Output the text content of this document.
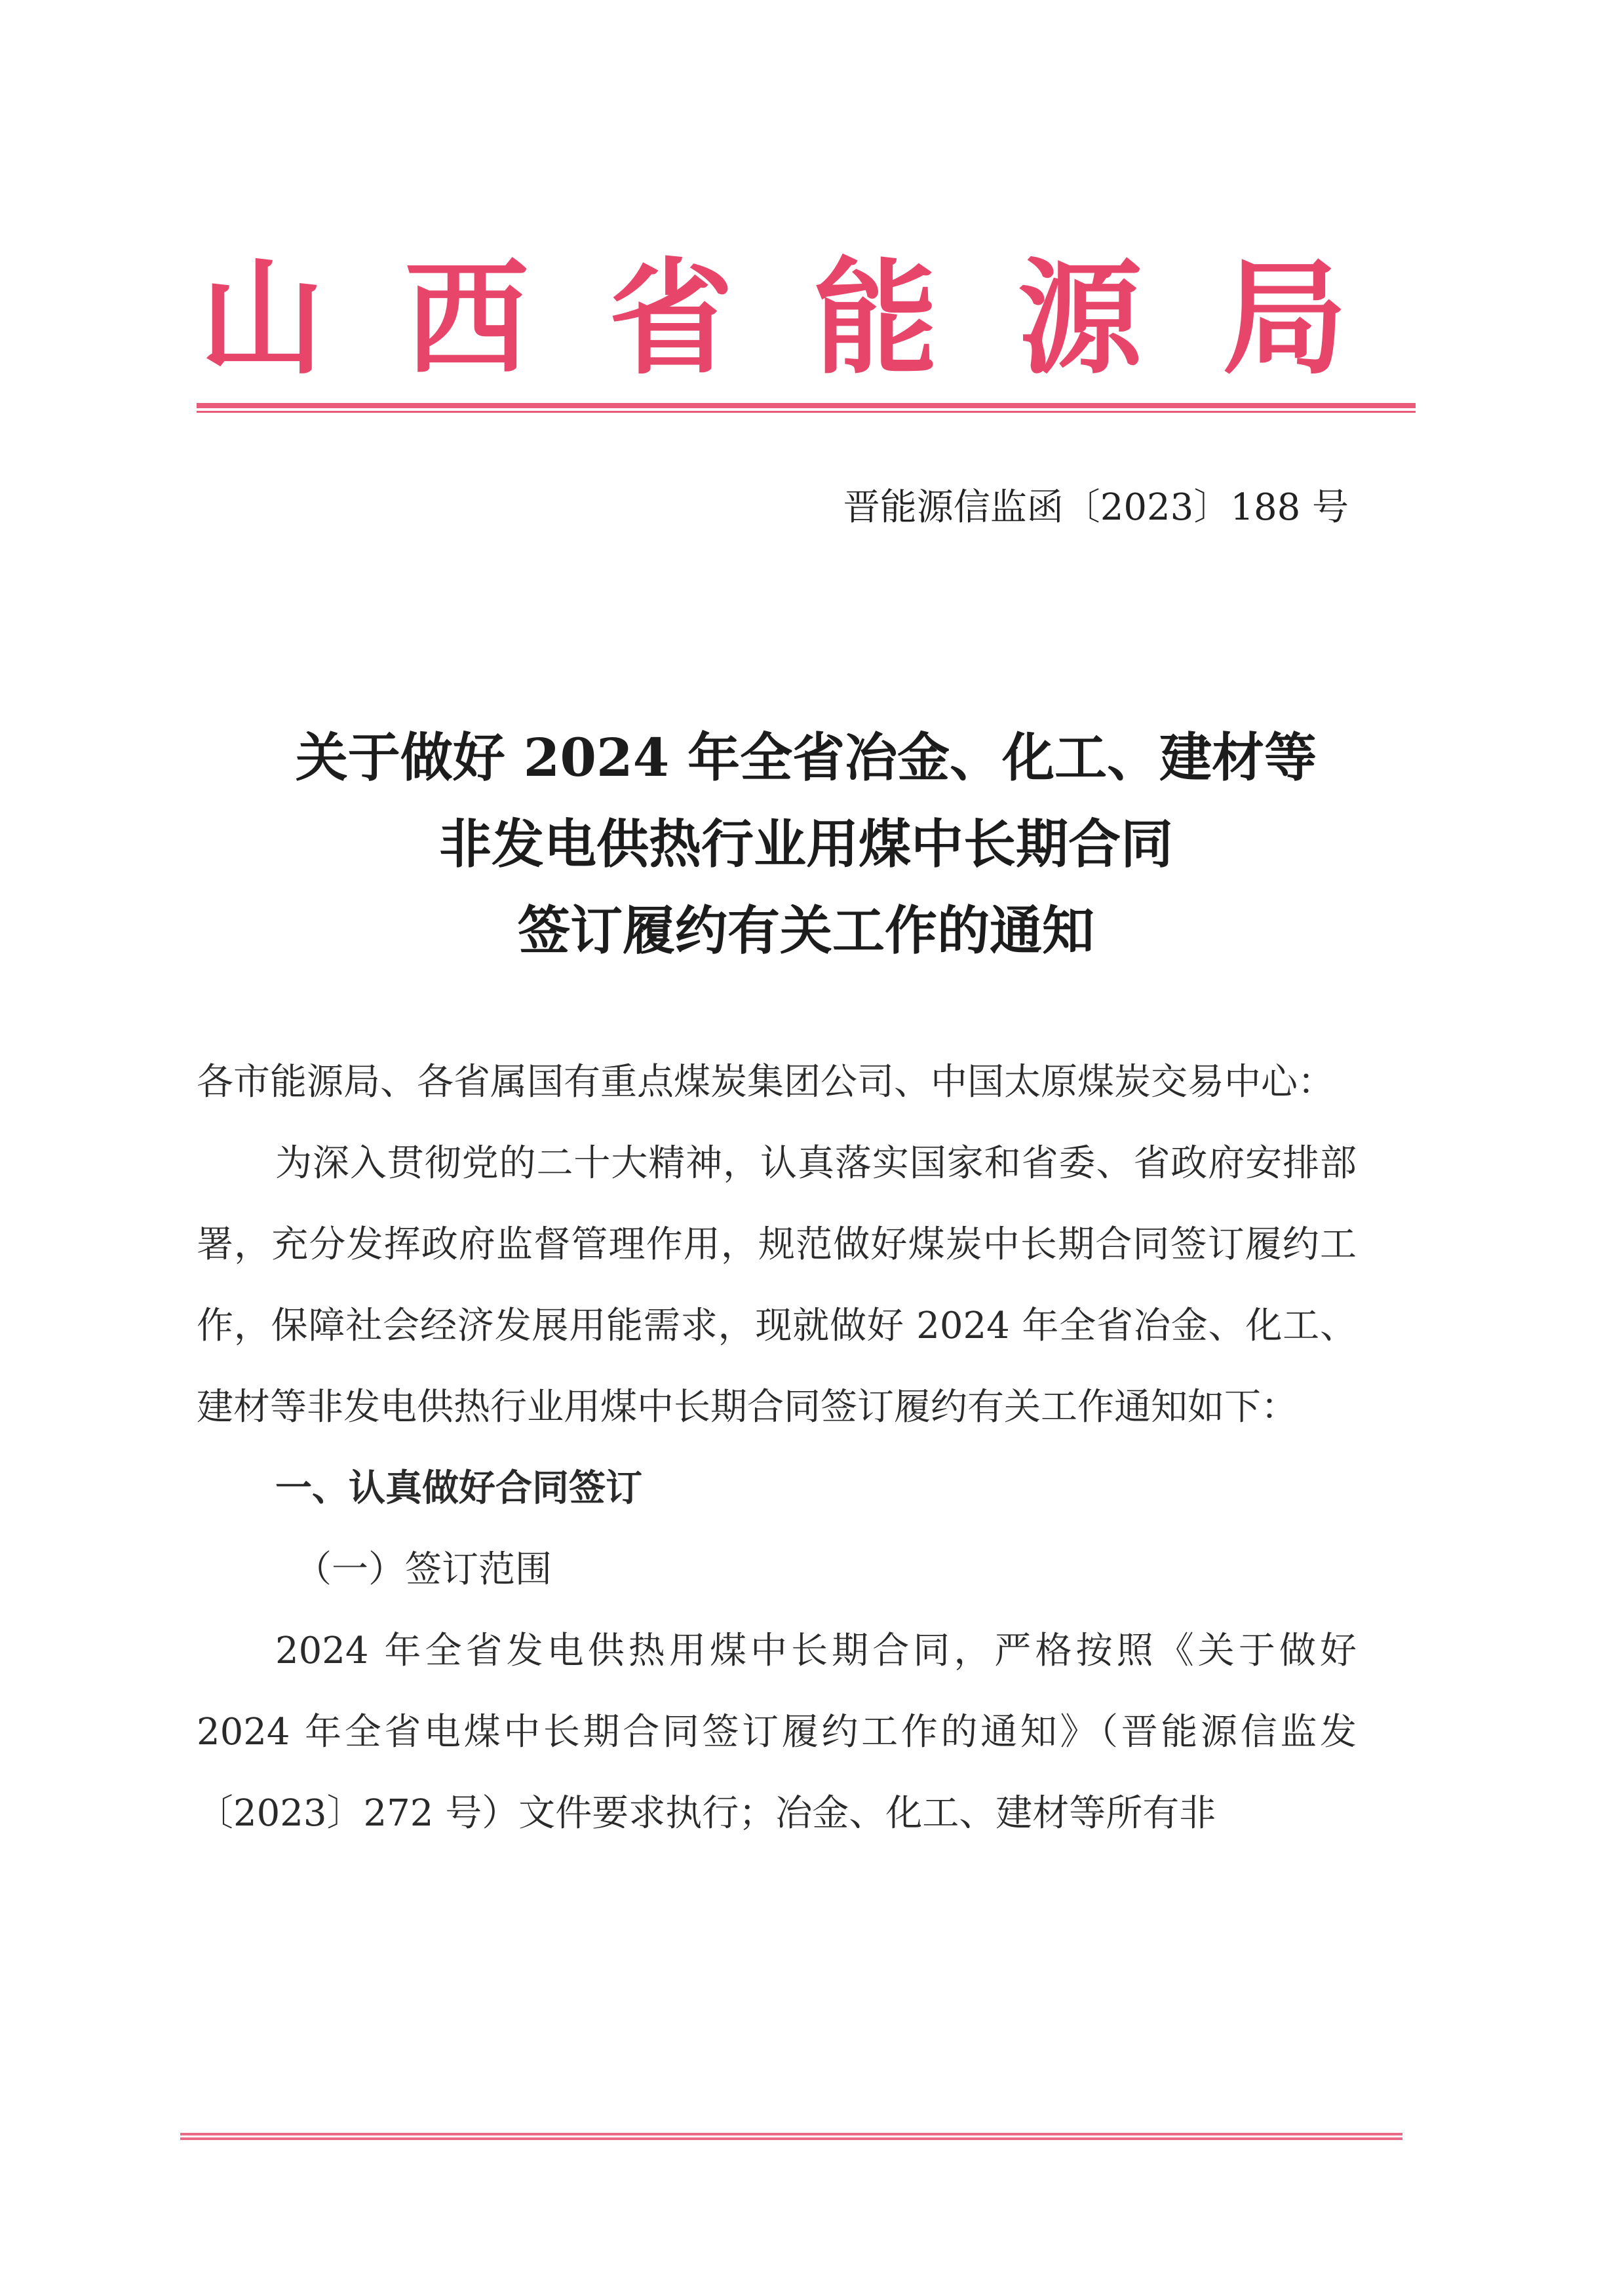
山 西 省 能 源 局
晋能源信监函〔2023〕188 号
关于做好 2024 年全省冶金、化工、建材等
非发电供热行业用煤中长期合同
签订履约有关工作的通知

各市能源局、各省属国有重点煤炭集团公司、中国太原煤炭交易中心：

为深入贯彻党的二十大精神，认真落实国家和省委、省政府安排部署，充分发挥政府监督管理作用，规范做好煤炭中长期合同签订履约工作，保障社会经济发展用能需求，现就做好 2024 年全省冶金、化工、建材等非发电供热行业用煤中长期合同签订履约有关工作通知如下：

一、认真做好合同签订

（一）签订范围

2024 年全省发电供热用煤中长期合同，严格按照《关于做好 2024 年全省电煤中长期合同签订履约工作的通知》（晋能源信监发〔2023〕272 号）文件要求执行；冶金、化工、建材等所有非
